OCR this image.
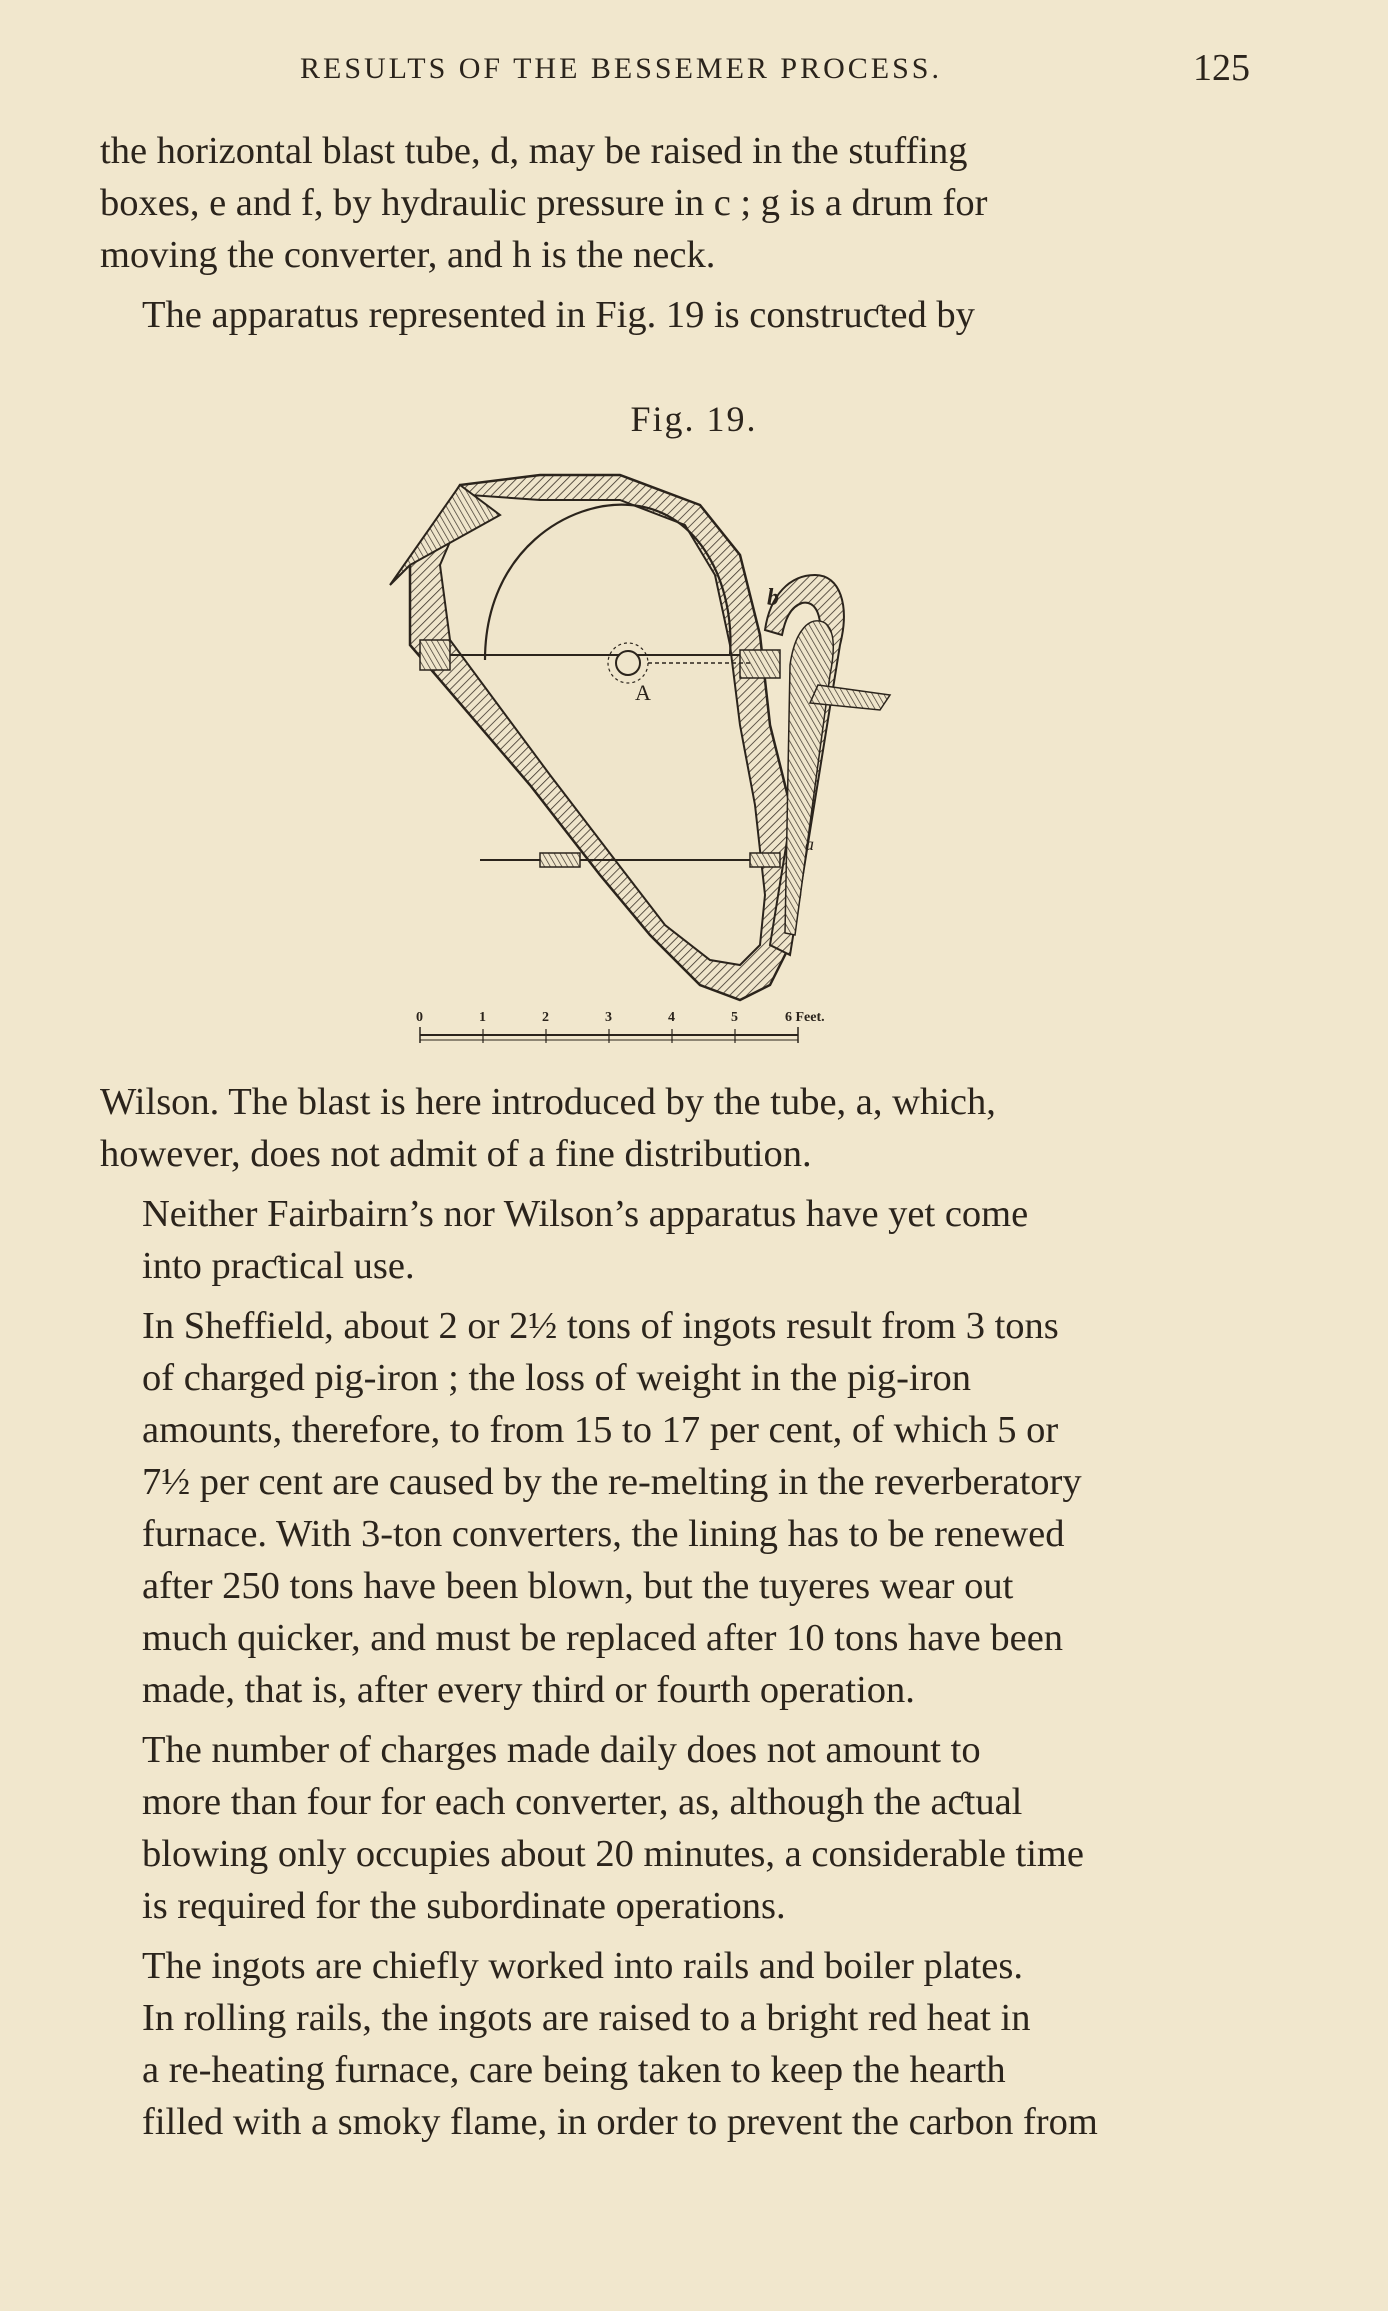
RESULTS OF THE BESSEMER PROCESS.	125

the horizontal blast tube, d, may be raised in the stuffing
boxes, e and f, by hydraulic pressure in c ; g is a drum for
moving the converter, and h is the neck.

The apparatus represented in Fig. 19 is construƈted by

Fig. 19.
A
b
a
0	1	2	3	4	5	6 Feet.

Wilson. The blast is here introduced by the tube, a, which,
however, does not admit of a fine distribution.

Neither Fairbairn’s nor Wilson’s apparatus have yet come
into praƈtical use.

In Sheffield, about 2 or 2½ tons of ingots result from 3 tons
of charged pig-iron ; the loss of weight in the pig-iron
amounts, therefore, to from 15 to 17 per cent, of which 5 or
7½ per cent are caused by the re-melting in the reverberatory
furnace. With 3-ton converters, the lining has to be renewed
after 250 tons have been blown, but the tuyeres wear out
much quicker, and must be replaced after 10 tons have been
made, that is, after every third or fourth operation.

The number of charges made daily does not amount to
more than four for each converter, as, although the aƈtual
blowing only occupies about 20 minutes, a considerable time
is required for the subordinate operations.

The ingots are chiefly worked into rails and boiler plates.
In rolling rails, the ingots are raised to a bright red heat in
a re-heating furnace, care being taken to keep the hearth
filled with a smoky flame, in order to prevent the carbon from
